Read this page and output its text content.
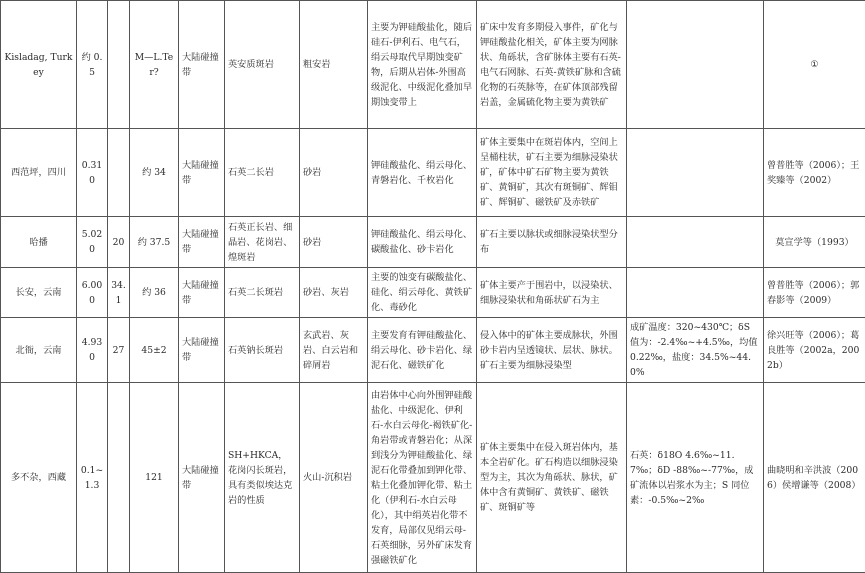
Kisladag, Turkey	约 0.5		M—L.Ter?	大陆碰撞带	英安质斑岩	粗安岩	主要为钾硅酸盐化，随后硅石-伊利石、电气石，绢云母取代早期蚀变矿物，后期从岩体-外围高级泥化、中级泥化叠加早期蚀变带上	矿床中发育多期侵入事件，矿化与钾硅酸盐化相关，矿体主要为网脉状、角砾状，含矿脉体主要有石英-电气石网脉、石英-黄铁矿脉和含硫化物的石英脉等，在矿体顶部残留岩盖，金属硫化物主要为黄铁矿		①
西范坪，四川	0.310		约 34	大陆碰撞带	石英二长岩	砂岩	钾硅酸盐化、绢云母化、青磐岩化、千枚岩化	矿体主要集中在斑岩体内，空间上呈桶柱状，矿石主要为细脉浸染状矿，矿体中矿石矿物主要为黄铁矿、黄铜矿，其次有斑铜矿、辉钼矿、辉铜矿、磁铁矿及赤铁矿		曾普胜等（2006）；王奖臻等（2002）
哈播	5.020	20	约 37.5	大陆碰撞带	石英正长岩、细晶岩、花岗岩、煌斑岩	砂岩	钾硅酸盐化、绢云母化、碳酸盐化、砂卡岩化	矿石主要以脉状或细脉浸染状型分布		莫宣学等（1993）
长安，云南	6.000	34.1	约 36	大陆碰撞带	石英二长斑岩	砂岩、灰岩	主要的蚀变有碳酸盐化、硅化、绢云母化、黄铁矿化、毒砂化	矿体主要产于围岩中，以浸染状、细脉浸染状和角砾状矿石为主		曾普胜等（2006）；郭春影等（2009）
北衙，云南	4.930	27	45±2	大陆碰撞带	石英钠长斑岩	玄武岩、灰岩、白云岩和碎屑岩	主要发育有钾硅酸盐化、绢云母化、砂卡岩化、绿泥石化、磁铁矿化	侵入体中的矿体主要成脉状，外围砂卡岩内呈透镜状、层状、脉状。矿石主要为细脉浸染型	成矿温度：320~430℃；δS 值为：-2.4‰~+4.5‰，均值 0.22‰，盐度：34.5%~44.0%	徐兴旺等（2006）；葛良胜等（2002a，2002b）
多不杂，西藏	0.1~1.3		121	大陆碰撞带	SH+HKCA，花岗闪长斑岩，具有类似埃达克岩的性质	火山-沉积岩	由岩体中心向外围钾硅酸盐化、中级泥化、伊利石-水白云母化-褐铁矿化-角岩带或青磐岩化；从深到浅分为钾硅酸盐化、绿泥石化带叠加到钾化带、粘土化叠加钾化带、粘土化（伊利石-水白云母化），其中绢英岩化带不发育，局部仅见绢云母-石英细脉，另外矿床发育强磁铁矿化	矿体主要集中在侵入斑岩体内，基本全岩矿化。矿石构造以细脉浸染型为主，其次为角砾状、脉状，矿体中含有黄铜矿、黄铁矿、磁铁矿、斑铜矿等	石英：δ18O 4.6‰~11.7‰；δD -88‰~-77‰，成矿流体以岩浆水为主；S 同位素：-0.5‰~2‰	曲晓明和辛洪波（2006）侯增谦等（2008）
